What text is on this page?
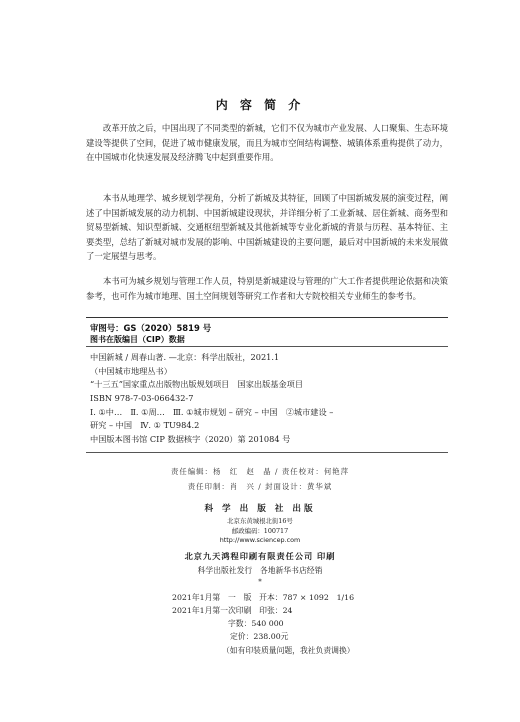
内 容 简 介

改革开放之后，中国出现了不同类型的新城，它们不仅为城市产业发展、人口聚集、生态环境建设等提供了空间，促进了城市健康发展，而且为城市空间结构调整、城镇体系重构提供了动力，在中国城市化快速发展及经济腾飞中起到重要作用。

本书从地理学、城乡规划学视角，分析了新城及其特征，回顾了中国新城发展的演变过程，阐述了中国新城发展的动力机制、中国新城建设现状，并详细分析了工业新城、居住新城、商务型和贸易型新城、知识型新城、交通枢纽型新城及其他新城等专业化新城的背景与历程、基本特征、主要类型，总结了新城对城市发展的影响、中国新城建设的主要问题，最后对中国新城的未来发展做了一定展望与思考。

本书可为城乡规划与管理工作人员，特别是新城建设与管理的广大工作者提供理论依据和决策参考，也可作为城市地理、国土空间规划等研究工作者和大专院校相关专业师生的参考书。

审图号：GS（2020）5819 号
图书在版编目（CIP）数据
中国新城 / 周春山著. —北京：科学出版社，2021.1
（中国城市地理丛书）
“十三五”国家重点出版物出版规划项目　国家出版基金项目
ISBN 978-7-03-066432-7
Ⅰ. ①中…　Ⅱ. ①周…　Ⅲ. ①城市规划 – 研究 – 中国　②城市建设 –
研究 – 中国　Ⅳ. ① TU984.2
中国版本图书馆 CIP 数据核字（2020）第 201084 号
责任编辑：杨　红　赵　晶 / 责任校对：何艳萍
责任印制：肖　兴 / 封面设计：黄华斌
科 学 出 版 社 出版
北京东黄城根北街16号
邮政编码：100717
http://www.sciencep.com
北京九天鸿程印刷有限责任公司 印刷
科学出版社发行　各地新华书店经销
*
2021年1月第　一　版　开本：787 × 1092　1/16
2021年1月第一次印刷　印张：24
字数：540 000
定价：238.00元
（如有印装质量问题，我社负责调换）
